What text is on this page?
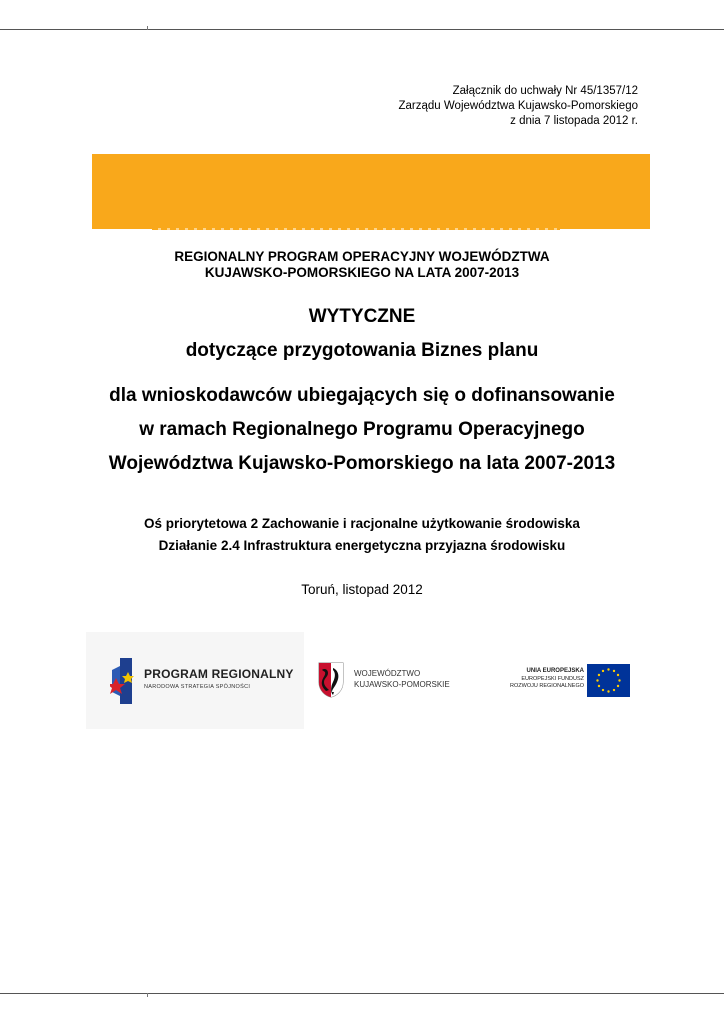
Załącznik do uchwały Nr 45/1357/12
Zarządu Województwa Kujawsko-Pomorskiego
z dnia 7 listopada 2012 r.
REGIONALNY PROGRAM OPERACYJNY WOJEWÓDZTWA
KUJAWSKO-POMORSKIEGO NA LATA 2007-2013
WYTYCZNE
dotyczące przygotowania Biznes planu
dla wnioskodawców ubiegających się o dofinansowanie
w ramach Regionalnego Programu Operacyjnego
Województwa Kujawsko-Pomorskiego na lata 2007-2013
Oś priorytetowa 2 Zachowanie i racjonalne użytkowanie środowiska
Działanie 2.4 Infrastruktura energetyczna przyjazna środowisku
Toruń, listopad 2012
PROGRAM REGIONALNY
NARODOWA STRATEGIA SPÓJNOŚCI
WOJEWÓDZTWO
KUJAWSKO-POMORSKIE
UNIA EUROPEJSKA
EUROPEJSKI FUNDUSZ
ROZWOJU REGIONALNEGO
